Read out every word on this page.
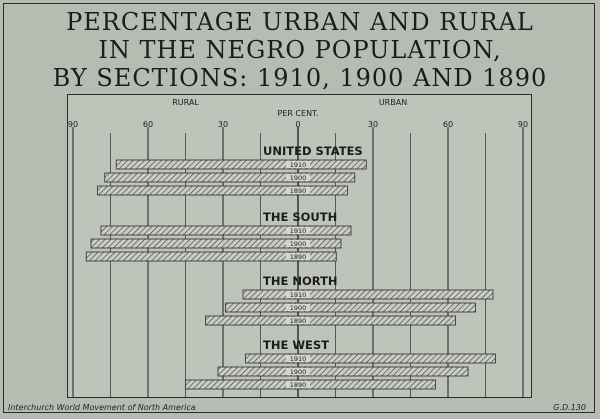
PERCENTAGE URBAN AND RURAL
IN THE NEGRO POPULATION,
BY SECTIONS: 1910, 1900 AND 1890
90	60	30	0	30	60	90
RURAL	URBAN
PER CENT.
UNITED STATES
THE SOUTH
THE NORTH
THE WEST
1910
1900
1890
1910
1900
1890
1910
1900
1890
1910
1900
1890
Interchurch World Movement of North America	G.D.130
